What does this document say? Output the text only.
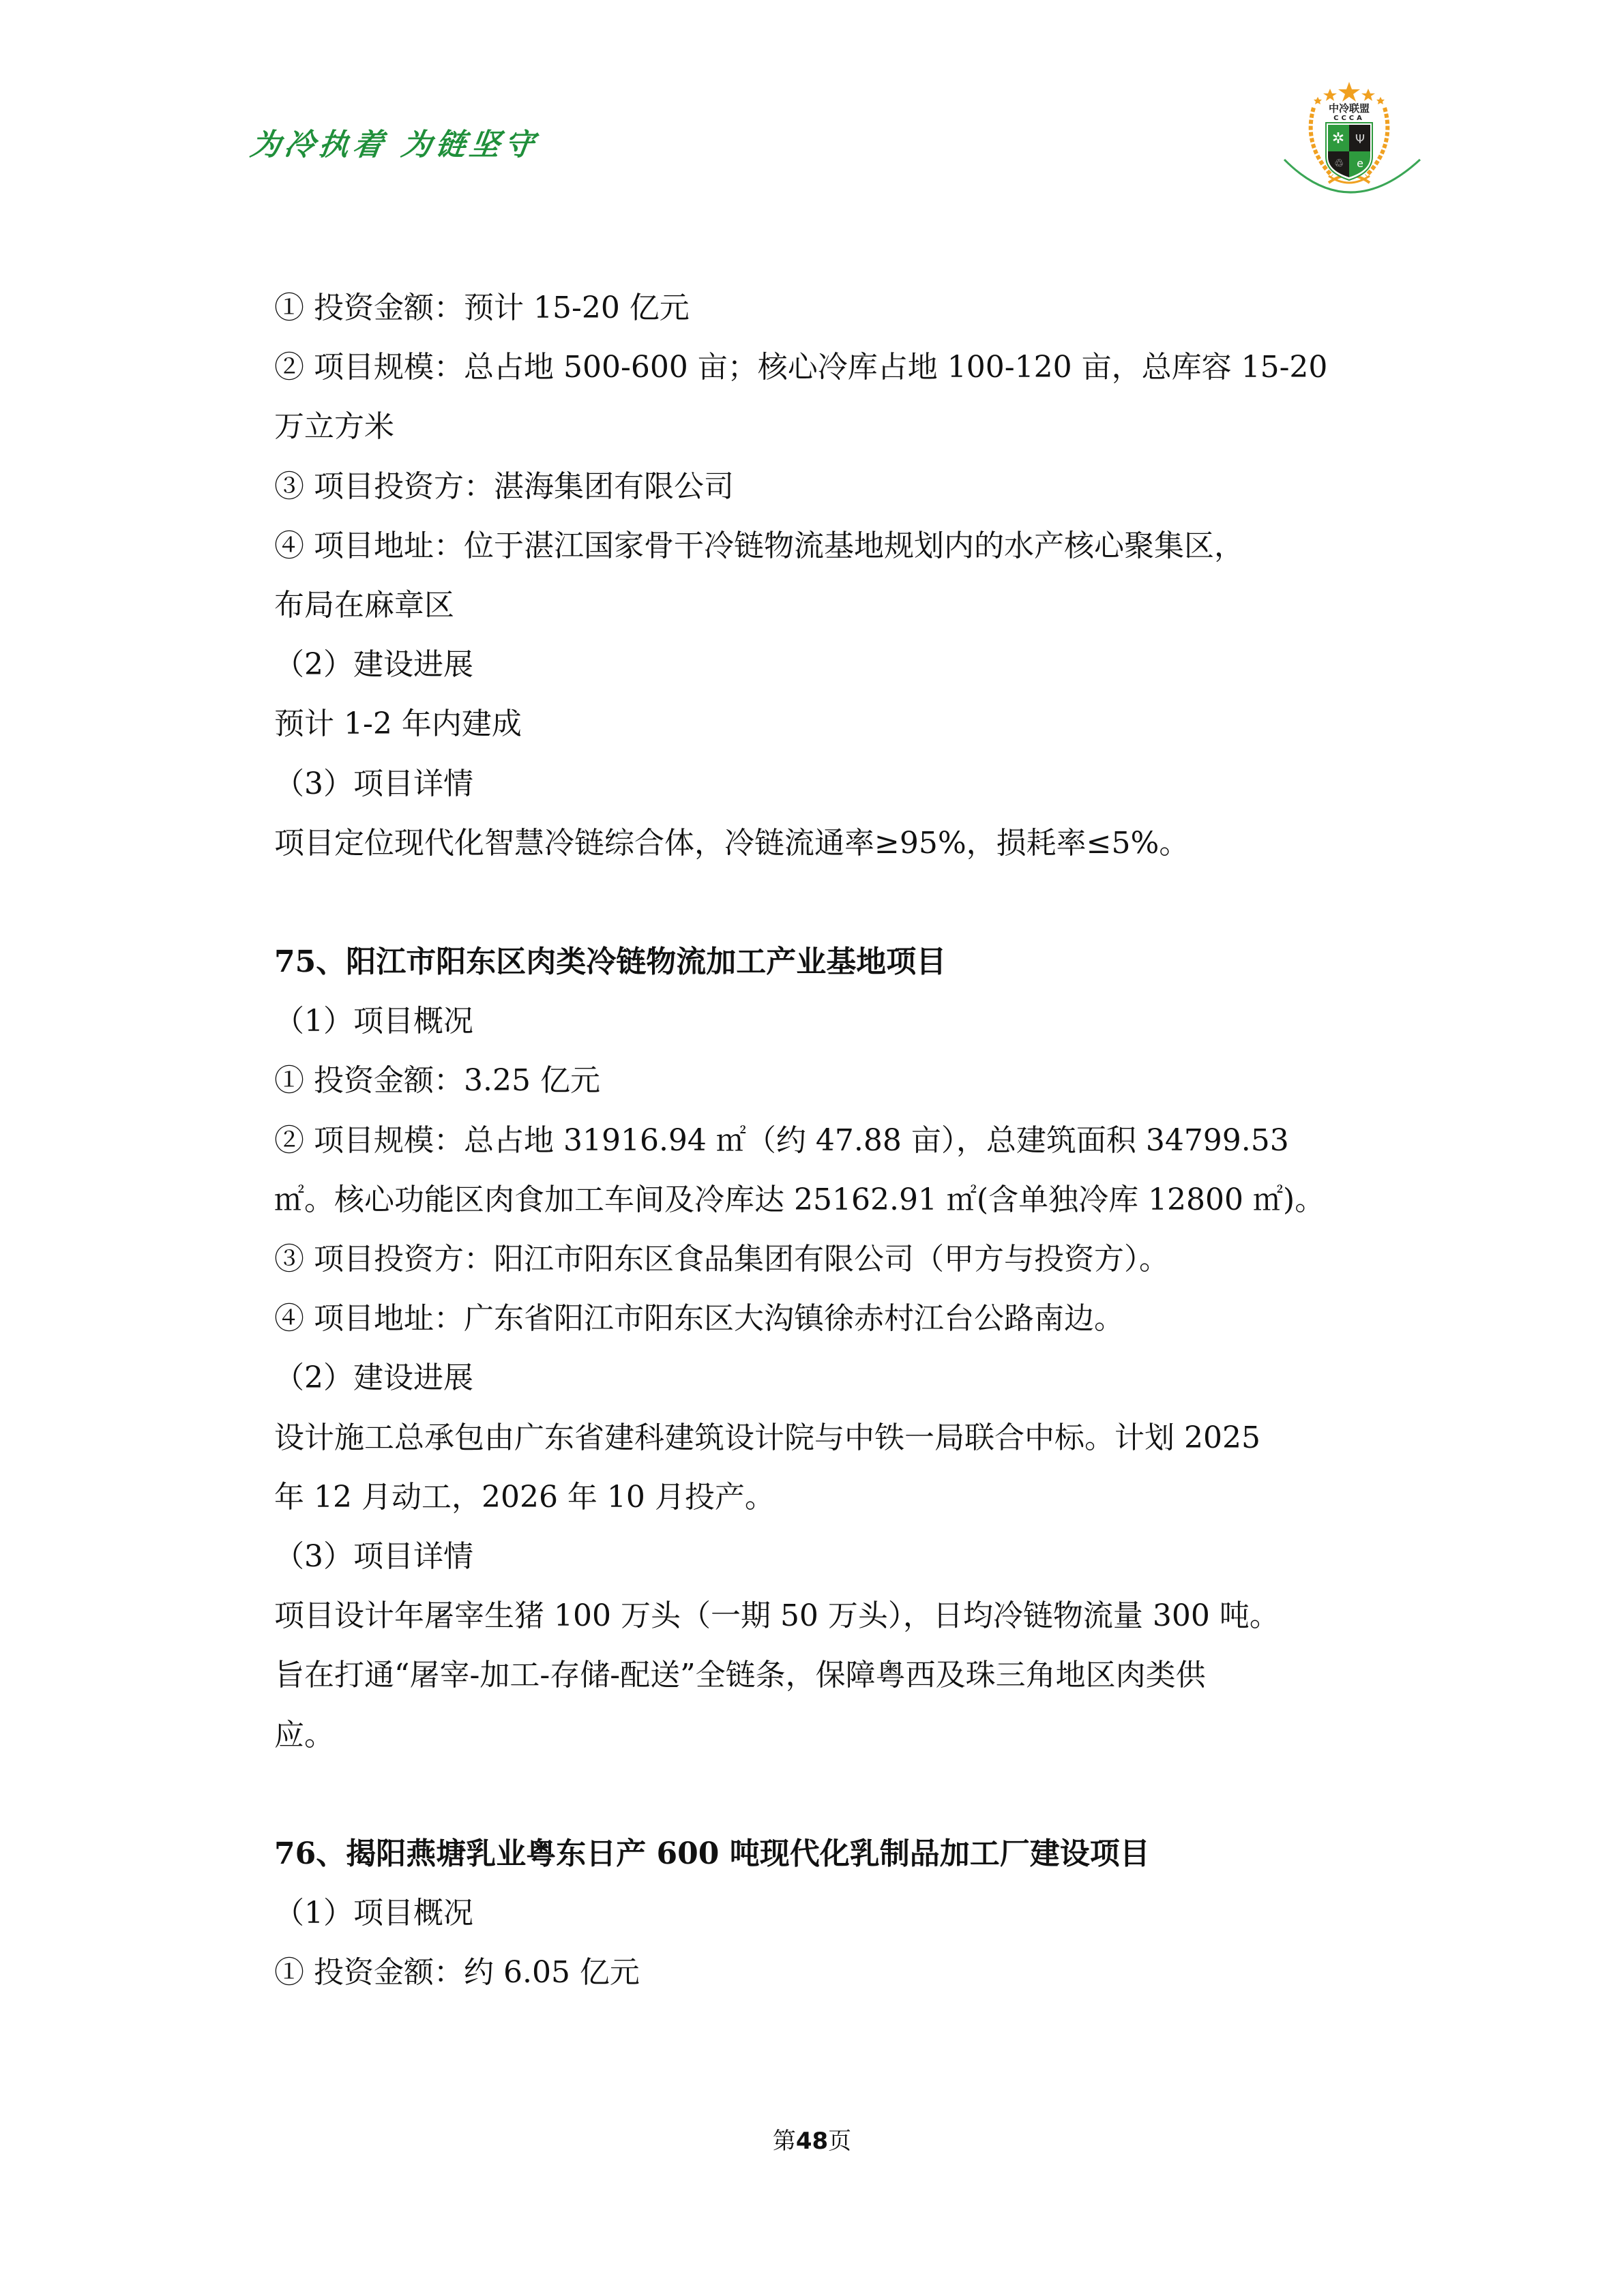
为冷执着 为链坚守
中冷联盟
CCCA
✲ Ψ
♲ e
① 投资金额：预计 15-20 亿元
② 项目规模：总占地 500-600 亩；核心冷库占地 100-120 亩，总库容 15-20
万立方米
③ 项目投资方：湛海集团有限公司
④ 项目地址：位于湛江国家骨干冷链物流基地规划内的水产核心聚集区，
布局在麻章区
（2）建设进展
预计 1-2 年内建成
（3）项目详情
项目定位现代化智慧冷链综合体，冷链流通率≥95%，损耗率≤5%。
75、阳江市阳东区肉类冷链物流加工产业基地项目
（1）项目概况
① 投资金额：3.25 亿元
② 项目规模：总占地 31916.94 ㎡（约 47.88 亩），总建筑面积 34799.53
㎡。核心功能区肉食加工车间及冷库达 25162.91 ㎡(含单独冷库 12800 ㎡)。
③ 项目投资方：阳江市阳东区食品集团有限公司（甲方与投资方）。
④ 项目地址：广东省阳江市阳东区大沟镇徐赤村江台公路南边。
（2）建设进展
设计施工总承包由广东省建科建筑设计院与中铁一局联合中标。计划 2025
年 12 月动工，2026 年 10 月投产。
（3）项目详情
项目设计年屠宰生猪 100 万头（一期 50 万头），日均冷链物流量 300 吨。
旨在打通“屠宰-加工-存储-配送”全链条，保障粤西及珠三角地区肉类供
应。
76、揭阳燕塘乳业粤东日产 600 吨现代化乳制品加工厂建设项目
（1）项目概况
① 投资金额：约 6.05 亿元
第48页
